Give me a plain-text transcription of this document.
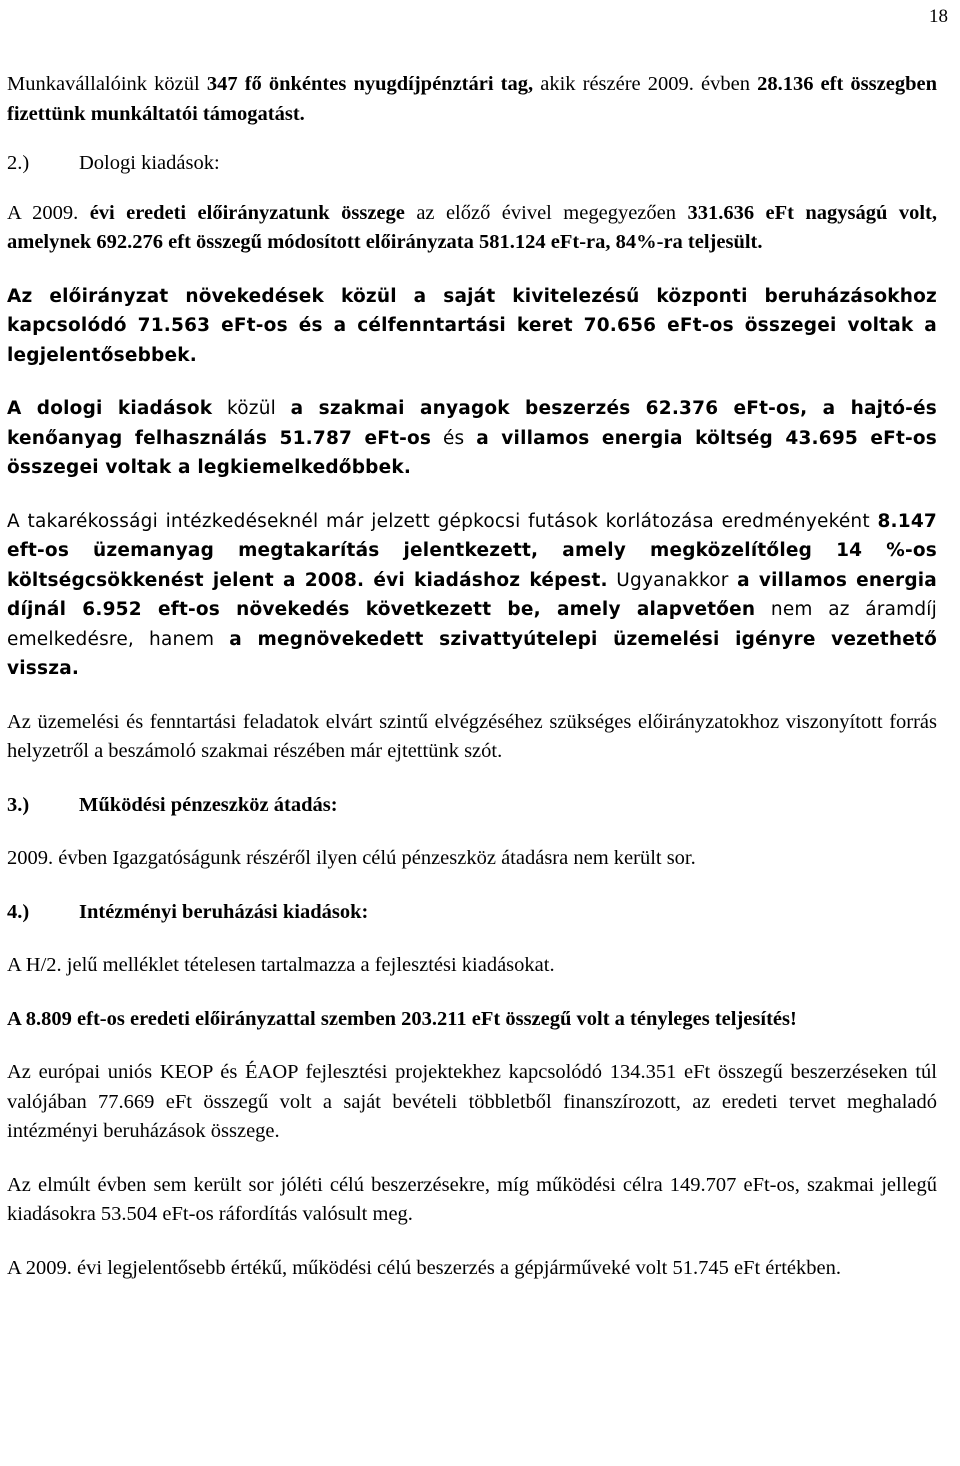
18

Munkavállalóink közül 347 fő önkéntes nyugdíjpénztári tag, akik részére 2009. évben 28.136 eft összegben fizettünk munkáltatói támogatást.

2.)	Dologi kiadások:

A 2009. évi eredeti előirányzatunk összege az előző évivel megegyezően 331.636 eFt nagyságú volt, amelynek 692.276 eft összegű módosított előirányzata 581.124 eFt-ra, 84%-ra teljesült.

Az előirányzat növekedések közül a saját kivitelezésű központi beruházásokhoz kapcsolódó 71.563 eFt-os és a célfenntartási keret 70.656 eFt-os összegei voltak a legjelentősebbek.

A dologi kiadások közül a szakmai anyagok beszerzés 62.376 eFt-os, a hajtó-és kenőanyag felhasználás 51.787 eFt-os és a villamos energia költség 43.695 eFt-os összegei voltak a legkiemelkedőbbek.

A takarékossági intézkedéseknél már jelzett gépkocsi futások korlátozása eredményeként 8.147 eft-os üzemanyag megtakarítás jelentkezett, amely megközelítőleg 14 %-os költségcsökkenést jelent a 2008. évi kiadáshoz képest. Ugyanakkor a villamos energia díjnál 6.952 eft-os növekedés következett be, amely alapvetően nem az áramdíj emelkedésre, hanem a megnövekedett szivattyútelepi üzemelési igényre vezethető vissza.

Az üzemelési és fenntartási feladatok elvárt szintű elvégzéséhez szükséges előirányzatokhoz viszonyított forrás helyzetről a beszámoló szakmai részében már ejtettünk szót.

3.)	Működési pénzeszköz átadás:

2009. évben Igazgatóságunk részéről ilyen célú pénzeszköz átadásra nem került sor.

4.)	Intézményi beruházási kiadások:

A H/2. jelű melléklet tételesen tartalmazza a fejlesztési kiadásokat.

A 8.809 eft-os eredeti előirányzattal szemben 203.211 eFt összegű volt a tényleges teljesítés!

Az európai uniós KEOP és ÉAOP fejlesztési projektekhez kapcsolódó 134.351 eFt összegű beszerzéseken túl valójában 77.669 eFt összegű volt a saját bevételi többletből finanszírozott, az eredeti tervet meghaladó intézményi beruházások összege.

Az elmúlt évben sem került sor jóléti célú beszerzésekre, míg működési célra 149.707 eFt-os, szakmai jellegű kiadásokra 53.504 eFt-os ráfordítás valósult meg.

A 2009. évi legjelentősebb értékű, működési célú beszerzés a gépjárműveké volt 51.745 eFt értékben.
